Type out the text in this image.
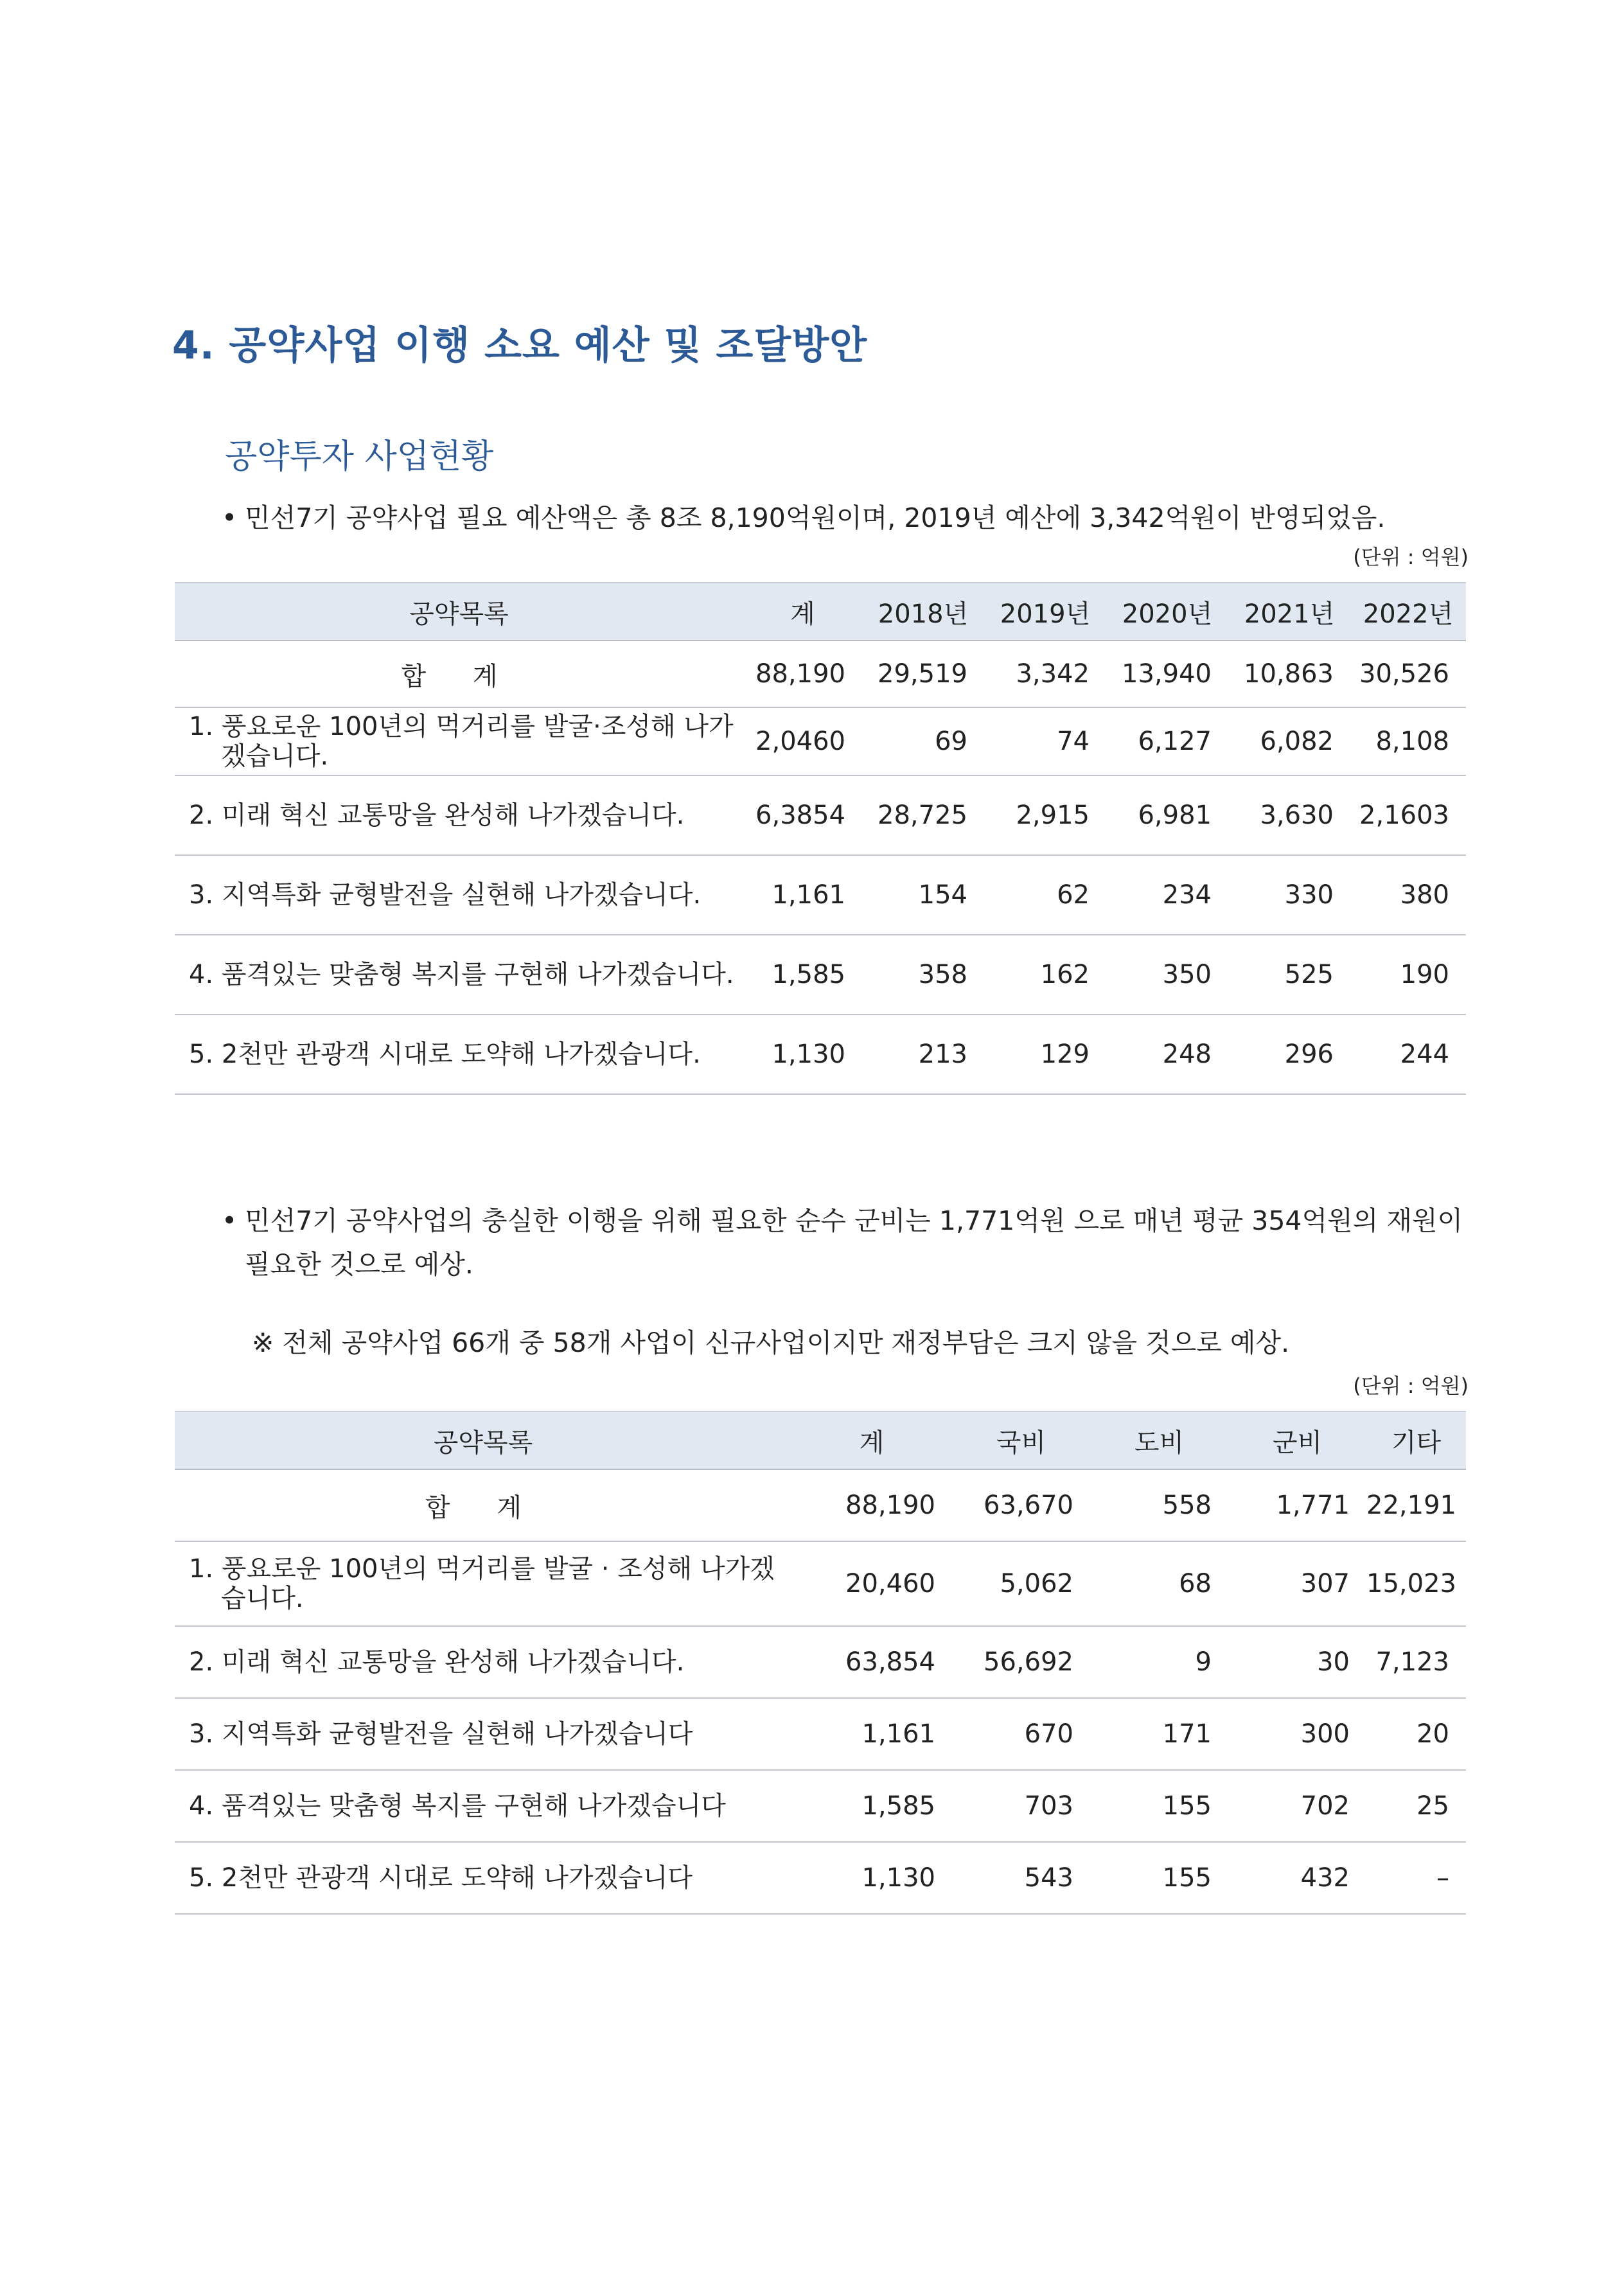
4. 공약사업 이행 소요 예산 및 조달방안
공약투자 사업현황
• 민선7기 공약사업 필요 예산액은 총 8조 8,190억원이며, 2019년 예산에 3,342억원이 반영되었음.
(단위 : 억원)
공약목록	계	2018년	2019년	2020년	2021년	2022년
합 계	88,190	29,519	3,342	13,940	10,863	30,526

1. 풍요로운 100년의 먹거리를 발굴·조성해 나가겠습니다.	2,0460	69	74	6,127	6,082	8,108
2. 미래 혁신 교통망을 완성해 나가겠습니다.	6,3854	28,725	2,915	6,981	3,630	2,1603
3. 지역특화 균형발전을 실현해 나가겠습니다.	1,161	154	62	234	330	380
4. 품격있는 맞춤형 복지를 구현해 나가겠습니다.	1,585	358	162	350	525	190
5. 2천만 관광객 시대로 도약해 나가겠습니다.	1,130	213	129	248	296	244
• 민선7기 공약사업의 충실한 이행을 위해 필요한 순수 군비는 1,771억원 으로 매년 평균 354억원의 재원이
필요한 것으로 예상.
※ 전체 공약사업 66개 중 58개 사업이 신규사업이지만 재정부담은 크지 않을 것으로 예상.
(단위 : 억원)
공약목록	계	국비	도비	군비	기타
합 계	88,190	63,670	558	1,771	22,191

1. 풍요로운 100년의 먹거리를 발굴 · 조성해 나가겠습니다.	20,460	5,062	68	307	15,023
2. 미래 혁신 교통망을 완성해 나가겠습니다.	63,854	56,692	9	30	7,123
3. 지역특화 균형발전을 실현해 나가겠습니다	1,161	670	171	300	20
4. 품격있는 맞춤형 복지를 구현해 나가겠습니다	1,585	703	155	702	25
5. 2천만 관광객 시대로 도약해 나가겠습니다	1,130	543	155	432	–
